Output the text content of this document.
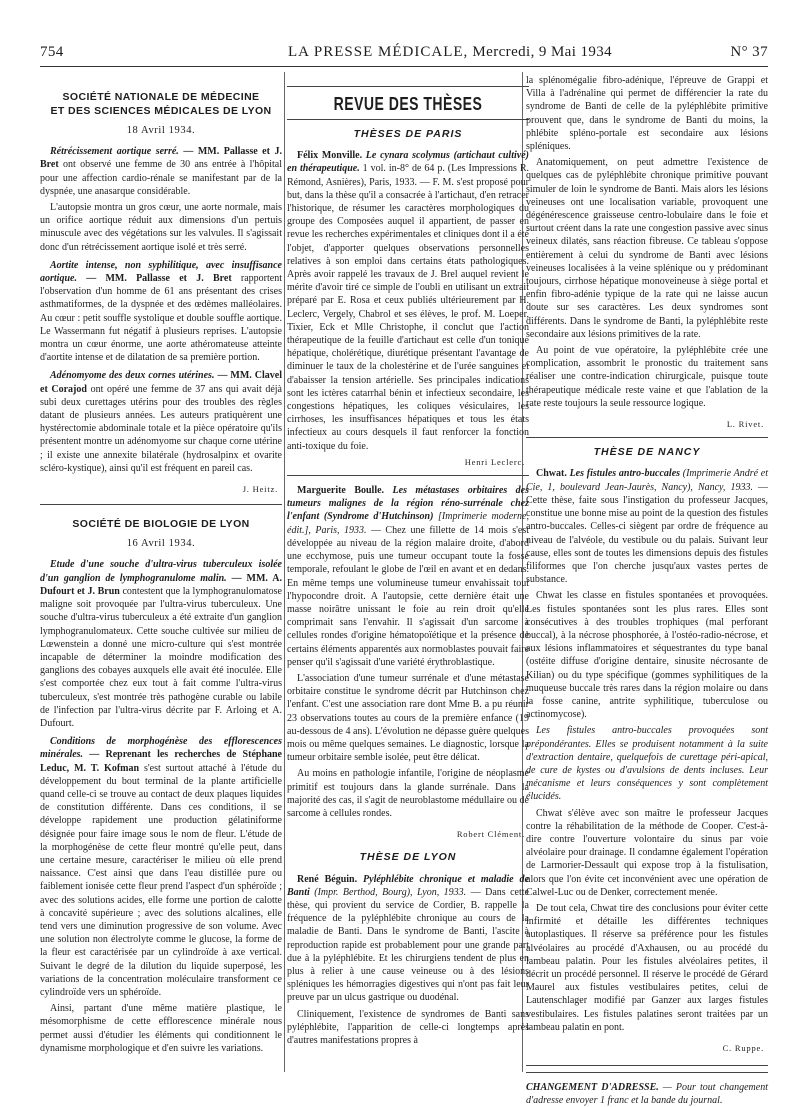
754	LA PRESSE MÉDICALE, Mercredi, 9 Mai 1934	N° 37
SOCIÉTÉ NATIONALE DE MÉDECINE
ET DES SCIENCES MÉDICALES DE LYON
18 Avril 1934.

Rétrécissement aortique serré. — MM. Pallasse et J. Bret ont observé une femme de 30 ans entrée à l'hôpital pour une affection cardio-rénale se manifestant par de la dyspnée, une anasarque considérable.

L'autopsie montra un gros cœur, une aorte normale, mais un orifice aortique réduit aux dimensions d'un pertuis minuscule avec des végétations sur les valvules. Il s'agissait donc d'un rétrécissement aortique isolé et très serré.

Aortite intense, non syphilitique, avec insuffisance aortique. — MM. Pallasse et J. Bret rapportent l'observation d'un homme de 61 ans présentant des crises asthmatiformes, de la dyspnée et des œdèmes malléolaires. Au cœur : petit souffle systolique et double souffle aortique. Le Wassermann fut négatif à plusieurs reprises. L'autopsie montra un cœur énorme, une aorte athéromateuse atteinte d'aortite intense et de dilatation de sa première portion.

Adénomyome des deux cornes utérines. — MM. Clavel et Corajod ont opéré une femme de 37 ans qui avait déjà subi deux curettages utérins pour des troubles des règles datant de plusieurs années. Les auteurs pratiquèrent une hystérectomie abdominale totale et la pièce opératoire qu'ils présentent montre un adénomyome sur chaque corne utérine ; il existe une annexite bilatérale (hydrosalpinx et ovarite scléro-kystique), ainsi qu'il est fréquent en pareil cas.

J. Heitz.
SOCIÉTÉ DE BIOLOGIE DE LYON
16 Avril 1934.

Etude d'une souche d'ultra-virus tuberculeux isolée d'un ganglion de lymphogranulome malin. — MM. A. Dufourt et J. Brun contestent que la lymphogranulomatose maligne soit provoquée par l'ultra-virus tuberculeux. Une souche d'ultra-virus tuberculeux a été extraite d'un ganglion lymphogranulomateux. Cette souche cultivée sur milieu de Lœwenstein a donné une micro-culture qui s'est montrée incapable de déterminer la moindre modification des ganglions des cobayes auxquels elle avait été inoculée. Elle s'est comportée chez eux tout à fait comme l'ultra-virus tuberculeux, s'est montrée très pathogène curable ou labile de l'infection par l'ultra-virus décrite par F. Arloing et A. Dufourt.

Conditions de morphogénèse des efflorescences minérales. — Reprenant les recherches de Stéphane Leduc, M. T. Kofman s'est surtout attaché à l'étude du développement du bout terminal de la plante artificielle quand celle-ci se trouve au contact de deux plaques liquides de constitution différente. Dans ces conditions, il se développe rapidement une production gélatiniforme désignée pour faire image sous le nom de fleur. L'étude de la morphogénèse de cette fleur montré qu'elle peut, dans une certaine mesure, caractériser le milieu où elle prend naissance. C'est ainsi que dans l'eau distillée pure ou faiblement ionisée cette fleur prend l'aspect d'un sphéroïde ; avec des solutions acides, elle forme une portion de calotte à concavité supérieure ; avec des solutions alcalines, elle tend vers une diminution progressive de son volume. Avec une solution non électrolyte comme le glucose, la forme de la fleur est caractérisée par un cylindroïde à axe vertical. Suivant le degré de la dilution du liquide superposé, les variations de la concentration moléculaire transforment ce cylindroïde vers un sphéroïde.

Ainsi, partant d'une même matière plastique, le mésomorphisme de cette efflorescence minérale nous permet aussi d'étudier les éléments qui conditionnent le dynamisme morphologique et d'en suivre les variations.

REVUE DES THÈSES
THÈSES DE PARIS

Félix Monville. Le cynara scolymus (artichaut cultivé) en thérapeutique. 1 vol. in-8° de 64 p. (Les Impressions R. Rémond, Asnières), Paris, 1933. — F. M. s'est proposé pour but, dans la thèse qu'il a consacrée à l'artichaut, d'en retracer l'historique, de résumer les caractères morphologiques du groupe des Composées auquel il appartient, de passer en revue les recherches expérimentales et cliniques dont il a été l'objet, d'apporter quelques observations personnelles relatives à son emploi dans certains états pathologiques. Après avoir rappelé les travaux de J. Brel auquel revient le mérite d'avoir tiré ce simple de l'oubli en utilisant un extrait préparé par E. Rosa et ceux publiés ultérieurement par H. Leclerc, Vergely, Chabrol et ses élèves, le prof. M. Loeper, Tixier, Eck et Mlle Christophe, il conclut que l'action thérapeutique de la feuille d'artichaut est celle d'un tonique hépatique, cholérétique, diurétique présentant l'avantage de diminuer le taux de la cholestérine et de l'urée sanguines et d'abaisser la tension artérielle. Ses principales indications sont les ictères catarrhal bénin et infectieux secondaire, les congestions hépatiques, les coliques vésiculaires, les cirrhoses, les insuffisances hépatiques et tous les états infectieux au cours desquels il faut renforcer la fonction anti-toxique du foie.

Henri Leclerc.

Marguerite Boulle. Les métastases orbitaires des tumeurs malignes de la région réno-surrénale chez l'enfant (Syndrome d'Hutchinson) [Imprimerie moderne, édit.], Paris, 1933. — Chez une fillette de 14 mois s'est développée au niveau de la région malaire droite, d'abord une ecchymose, puis une tumeur occupant toute la fosse temporale, refoulant le globe de l'œil en avant et en dedans. En même temps une volumineuse tumeur envahissait tout l'hypocondre droit. A l'autopsie, cette dernière était une masse noirâtre unissant le foie au rein droit qu'elle comprimait sans l'envahir. Il s'agissait d'un sarcome à cellules rondes d'origine hématopoïétique et la présence de certains éléments apparentés aux normoblastes pouvait faire penser qu'il s'agissait d'une variété érythroblastique.

L'association d'une tumeur surrénale et d'une métastase orbitaire constitue le syndrome décrit par Hutchinson chez l'enfant. C'est une association rare dont Mme B. a pu réunir 23 observations toutes au cours de la première enfance (19 au-dessous de 4 ans). L'évolution ne dépasse guère quelques mois ou même quelques semaines. Le diagnostic, lorsque la tumeur orbitaire semble isolée, peut être délicat.

Au moins en pathologie infantile, l'origine de néoplasme primitif est toujours dans la glande surrénale. Dans la majorité des cas, il s'agit de neuroblastome médullaire ou de sarcome à cellules rondes.

Robert Clément.
THÈSE DE LYON

René Béguin. Pyléphlébite chronique et maladie de Banti (Impr. Berthod, Bourg), Lyon, 1933. — Dans cette thèse, qui provient du service de Cordier, B. rappelle la fréquence de la pyléphlébite chronique au cours de la maladie de Banti. Dans le syndrome de Banti, l'ascite à reproduction rapide est probablement pour une grande part due à la pyléphlébite. Et les chirurgiens tendent de plus en plus à relier à une cause veineuse ou à des lésions spléniques les hémorragies digestives qui n'ont pas fait leur preuve par un ulcus gastrique ou duodénal.

Cliniquement, l'existence de syndromes de Banti sans pyléphlébite, l'apparition de celle-ci longtemps après d'autres manifestations propres à

la splénomégalie fibro-adénique, l'épreuve de Grappi et Villa à l'adrénaline qui permet de différencier la rate du syndrome de Banti de celle de la pyléphlébite primitive prouvent que, dans le syndrome de Banti du moins, la phlébite spléno-portale est secondaire aux lésions spléniques.

Anatomiquement, on peut admettre l'existence de quelques cas de pyléphlébite chronique primitive pouvant simuler de loin le syndrome de Banti. Mais alors les lésions veineuses ont une localisation variable, provoquent une dégénérescence graisseuse centro-lobulaire dans le foie et surtout créent dans la rate une congestion passive avec sinus veineux dilatés, sans réaction fibreuse. Ce tableau s'oppose entièrement à celui du syndrome de Banti avec lésions veineuses localisées à la veine splénique ou y prédominant toujours, cirrhose hépatique monoveineuse à siège portal et enfin fibro-adénie typique de la rate qui ne laisse aucun doute sur ses caractères. Les deux syndromes sont différents. Dans le syndrome de Banti, la pyléphlébite reste secondaire aux lésions primitives de la rate.

Au point de vue opératoire, la pyléphlébite crée une complication, assombrit le pronostic du traitement sans réaliser une contre-indication chirurgicale, puisque toute thérapeutique médicale reste vaine et que l'ablation de la rate reste toujours la seule ressource logique.

L. Rivet.
THÈSE DE NANCY

Chwat. Les fistules antro-buccales (Imprimerie André et Cie, 1, boulevard Jean-Jaurès, Nancy), Nancy, 1933. — Cette thèse, faite sous l'instigation du professeur Jacques, constitue une bonne mise au point de la question des fistules antro-buccales. Celles-ci siègent par ordre de fréquence au niveau de l'alvéole, du vestibule ou du palais. Suivant leur cause, elles sont de toutes les dimensions depuis des fistules filiformes que l'on cherche jusqu'aux vastes pertes de substance.

Chwat les classe en fistules spontanées et provoquées. Les fistules spontanées sont les plus rares. Elles sont consécutives à des troubles trophiques (mal perforant buccal), à la nécrose phosphorée, à l'ostéo-radio-nécrose, et aux lésions inflammatoires et séquestrantes du type banal (ostéite diffuse d'origine dentaire, sinusite nécrosante de Kilian) ou du type spécifique (gommes syphilitiques de la muqueuse buccale très rares dans la région molaire ou dans la fosse canine, antrite syphilitique, tuberculose ou actinomycose).

Les fistules antro-buccales provoquées sont prépondérantes. Elles se produisent notamment à la suite d'extraction dentaire, quelquefois de curettage péri-apical, de cure de kystes ou d'avulsions de dents incluses. Leur mécanisme et leurs conséquences y sont complètement élucidés.

Chwat s'élève avec son maître le professeur Jacques contre la réhabilitation de la méthode de Cooper. C'est-à-dire contre l'ouverture volontaire du sinus par voie alvéolaire pour drainage. Il condamne également l'opération de Larmorier-Dessault qui expose trop à la fistulisation, alors que l'on évite cet inconvénient avec une opération de Calwel-Luc ou de Denker, correctement menée.

De tout cela, Chwat tire des conclusions pour éviter cette infirmité et détaille les différentes techniques autoplastiques. Il réserve sa préférence pour les fistules alvéolaires au procédé d'Axhausen, ou au procédé du lambeau palatin. Pour les fistules alvéolaires petites, il décrit un procédé personnel. Il réserve le procédé de Gérard Maurel aux fistules vestibulaires petites, celui de Lautenschlager modifié par Ganzer aux larges fistules vestibulaires. Les fistules palatines seront traitées par un lambeau palatin en pont.

C. Ruppe.
CHANGEMENT D'ADRESSE. — Pour tout changement d'adresse envoyer 1 franc et la bande du journal.
